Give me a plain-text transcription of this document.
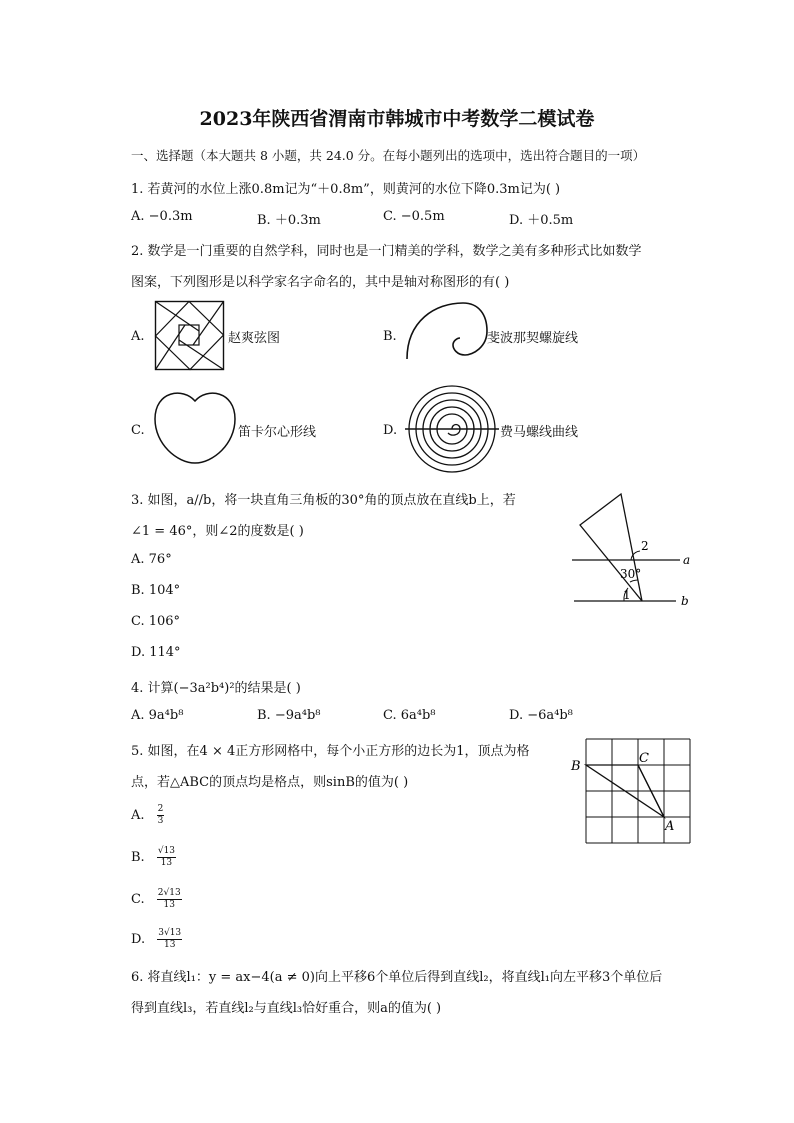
2023年陕西省渭南市韩城市中考数学二模试卷
一、选择题（本大题共 8 小题，共 24.0 分。在每小题列出的选项中，选出符合题目的一项）
1. 若黄河的水位上涨0.8m记为“＋0.8m”，则黄河的水位下降0.3m记为( )
A. −0.3m	B. ＋0.3m	C. −0.5m	D. ＋0.5m
2. 数学是一门重要的自然学科，同时也是一门精美的学科，数学之美有多种形式比如数学
图案，下列图形是以科学家名字命名的，其中是轴对称图形的有( )
A.	赵爽弦图	B.	斐波那契螺旋线
C.	笛卡尔心形线	D.	费马螺线曲线
3. 如图，a//b，将一块直角三角板的30°角的顶点放在直线b上，若
∠1 = 46°，则∠2的度数是( )
A. 76°
B. 104°
C. 106°
D. 114°
2
30°
1
a
b
4. 计算(−3a²b⁴)²的结果是( )
A. 9a⁴b⁸	B. −9a⁴b⁸	C. 6a⁴b⁸	D. −6a⁴b⁸
5. 如图，在4 × 4正方形网格中，每个小正方形的边长为1，顶点为格
点，若△ABC的顶点均是格点，则sinB的值为( )
A. $\frac{2}{3}$
B. $\frac{√13}{13}$
C. $\frac{2√13}{13}$
D. $\frac{3√13}{13}$
B
C
A
6. 将直线l₁：y = ax−4(a ≠ 0)向上平移6个单位后得到直线l₂，将直线l₁向左平移3个单位后
得到直线l₃，若直线l₂与直线l₃恰好重合，则a的值为( )
